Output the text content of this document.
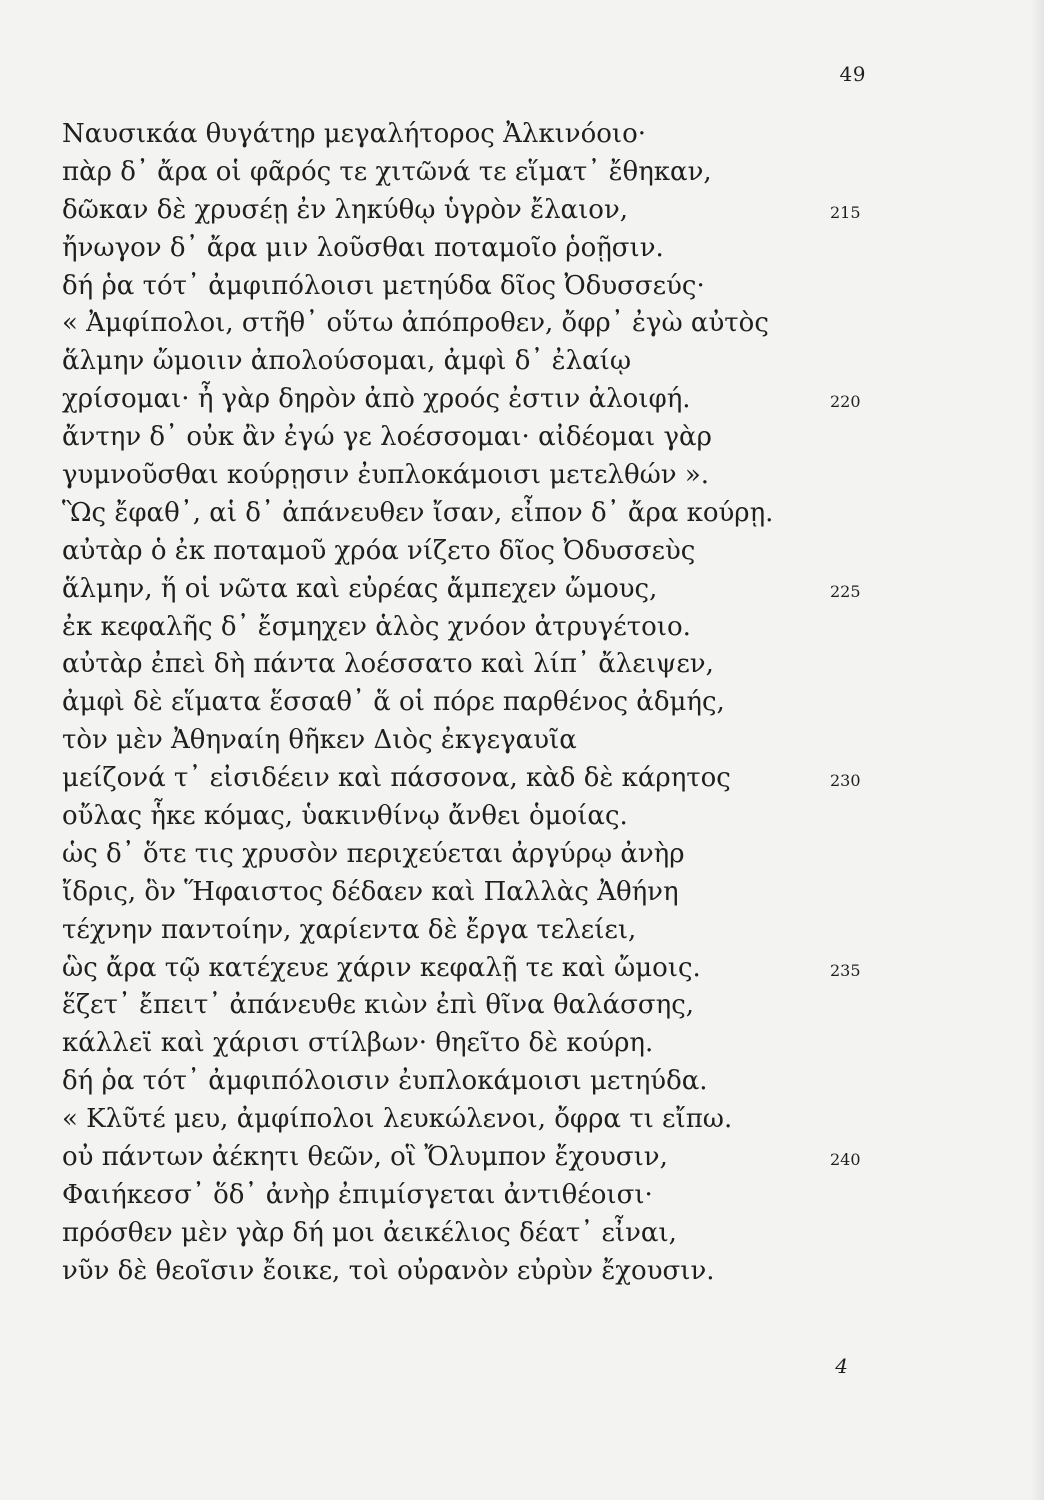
49
Ναυσικάα θυγάτηρ μεγαλήτορος Ἀλκινόοιο·
πὰρ δ᾿ ἄρα οἱ φᾶρός τε χιτῶνά τε εἵματ᾿ ἔθηκαν,
δῶκαν δὲ χρυσέῃ ἐν ληκύθῳ ὑγρὸν ἔλαιον,	215
ἤνωγον δ᾿ ἄρα μιν λοῦσθαι ποταμοῖο ῥοῇσιν.
δή ῥα τότ᾿ ἀμφιπόλοισι μετηύδα δῖος Ὀδυσσεύς·
« Ἀμφίπολοι, στῆθ᾿ οὕτω ἀπόπροθεν, ὄφρ᾿ ἐγὼ αὐτὸς
ἅλμην ὤμοιιν ἀπολούσομαι, ἀμφὶ δ᾿ ἐλαίῳ
χρίσομαι· ἦ γὰρ δηρὸν ἀπὸ χροός ἐστιν ἀλοιφή.	220
ἄντην δ᾿ οὐκ ἂν ἐγώ γε λοέσσομαι· αἰδέομαι γὰρ
γυμνοῦσθαι κούρῃσιν ἐυπλοκάμοισι μετελθών ».
Ὣς ἔφαθ᾿, αἱ δ᾿ ἀπάνευθεν ἴσαν, εἶπον δ᾿ ἄρα κούρῃ.
αὐτὰρ ὁ ἐκ ποταμοῦ χρόα νίζετο δῖος Ὀδυσσεὺς
ἅλμην, ἥ οἱ νῶτα καὶ εὐρέας ἄμπεχεν ὤμους,	225
ἐκ κεφαλῆς δ᾿ ἔσμηχεν ἁλὸς χνόον ἀτρυγέτοιο.
αὐτὰρ ἐπεὶ δὴ πάντα λοέσσατο καὶ λίπ᾿ ἄλειψεν,
ἀμφὶ δὲ εἵματα ἕσσαθ᾿ ἅ οἱ πόρε παρθένος ἀδμής,
τὸν μὲν Ἀθηναίη θῆκεν Διὸς ἐκγεγαυῖα
μείζονά τ᾿ εἰσιδέειν καὶ πάσσονα, κὰδ δὲ κάρητος	230
οὔλας ἧκε κόμας, ὑακινθίνῳ ἄνθει ὁμοίας.
ὡς δ᾿ ὅτε τις χρυσὸν περιχεύεται ἀργύρῳ ἀνὴρ
ἴδρις, ὃν Ἥφαιστος δέδαεν καὶ Παλλὰς Ἀθήνη
τέχνην παντοίην, χαρίεντα δὲ ἔργα τελείει,
ὣς ἄρα τῷ κατέχευε χάριν κεφαλῇ τε καὶ ὤμοις.	235
ἕζετ᾿ ἔπειτ᾿ ἀπάνευθε κιὼν ἐπὶ θῖνα θαλάσσης,
κάλλεϊ καὶ χάρισι στίλβων· θηεῖτο δὲ κούρη.
δή ῥα τότ᾿ ἀμφιπόλοισιν ἐυπλοκάμοισι μετηύδα.
« Κλῦτέ μευ, ἀμφίπολοι λευκώλενοι, ὄφρα τι εἴπω.
οὐ πάντων ἀέκητι θεῶν, οἳ Ὄλυμπον ἔχουσιν,	240
Φαιήκεσσ᾿ ὅδ᾿ ἀνὴρ ἐπιμίσγεται ἀντιθέοισι·
πρόσθεν μὲν γὰρ δή μοι ἀεικέλιος δέατ᾿ εἶναι,
νῦν δὲ θεοῖσιν ἔοικε, τοὶ οὐρανὸν εὐρὺν ἔχουσιν.
4
